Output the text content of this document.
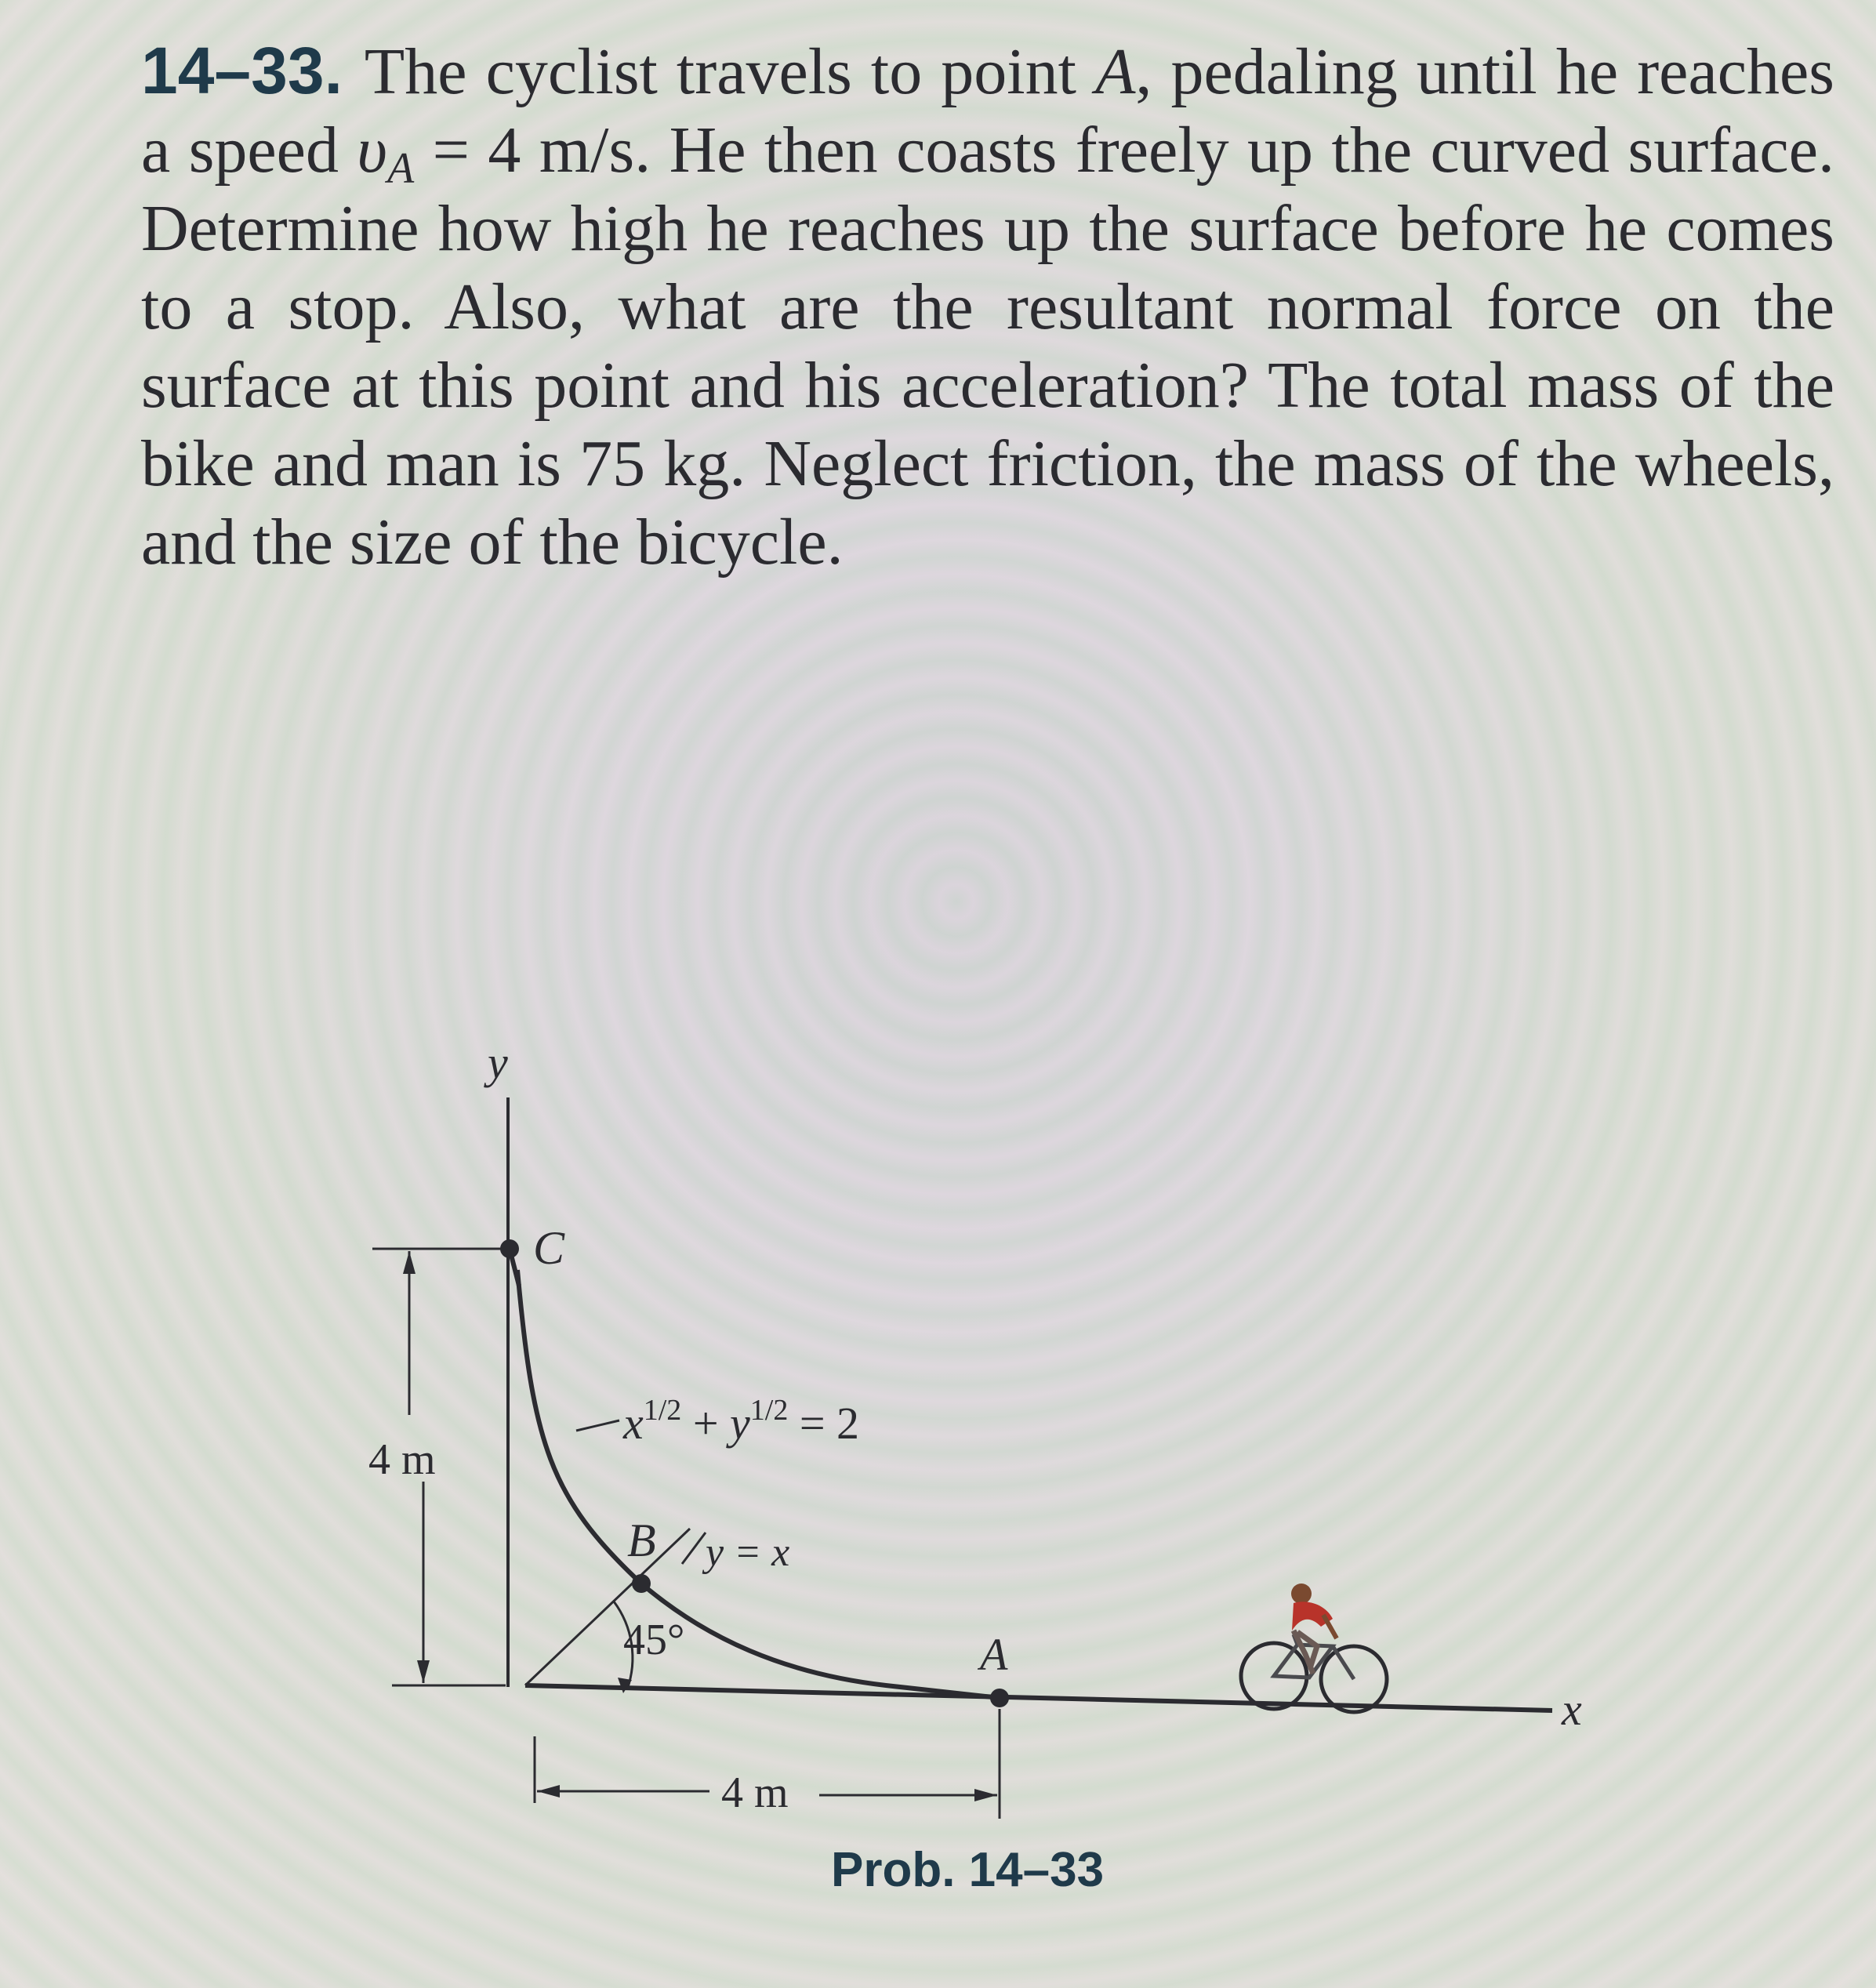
14–33. The cyclist travels to point A, pedaling until he reaches a speed $\upsilon_A = 4$ m/s. He then coasts freely up the curved surface. Determine how high he reaches up the surface before he comes to a stop. Also, what are the resultant normal force on the surface at this point and his acceleration? The total mass of the bike and man is 75 kg. Neglect friction, the mass of the wheels, and the size of the bicycle.
y
x
45°
C
B
A
$x^{1/2} + y^{1/2} = 2$
y = x
4 m
4 m
Prob. 14–33
